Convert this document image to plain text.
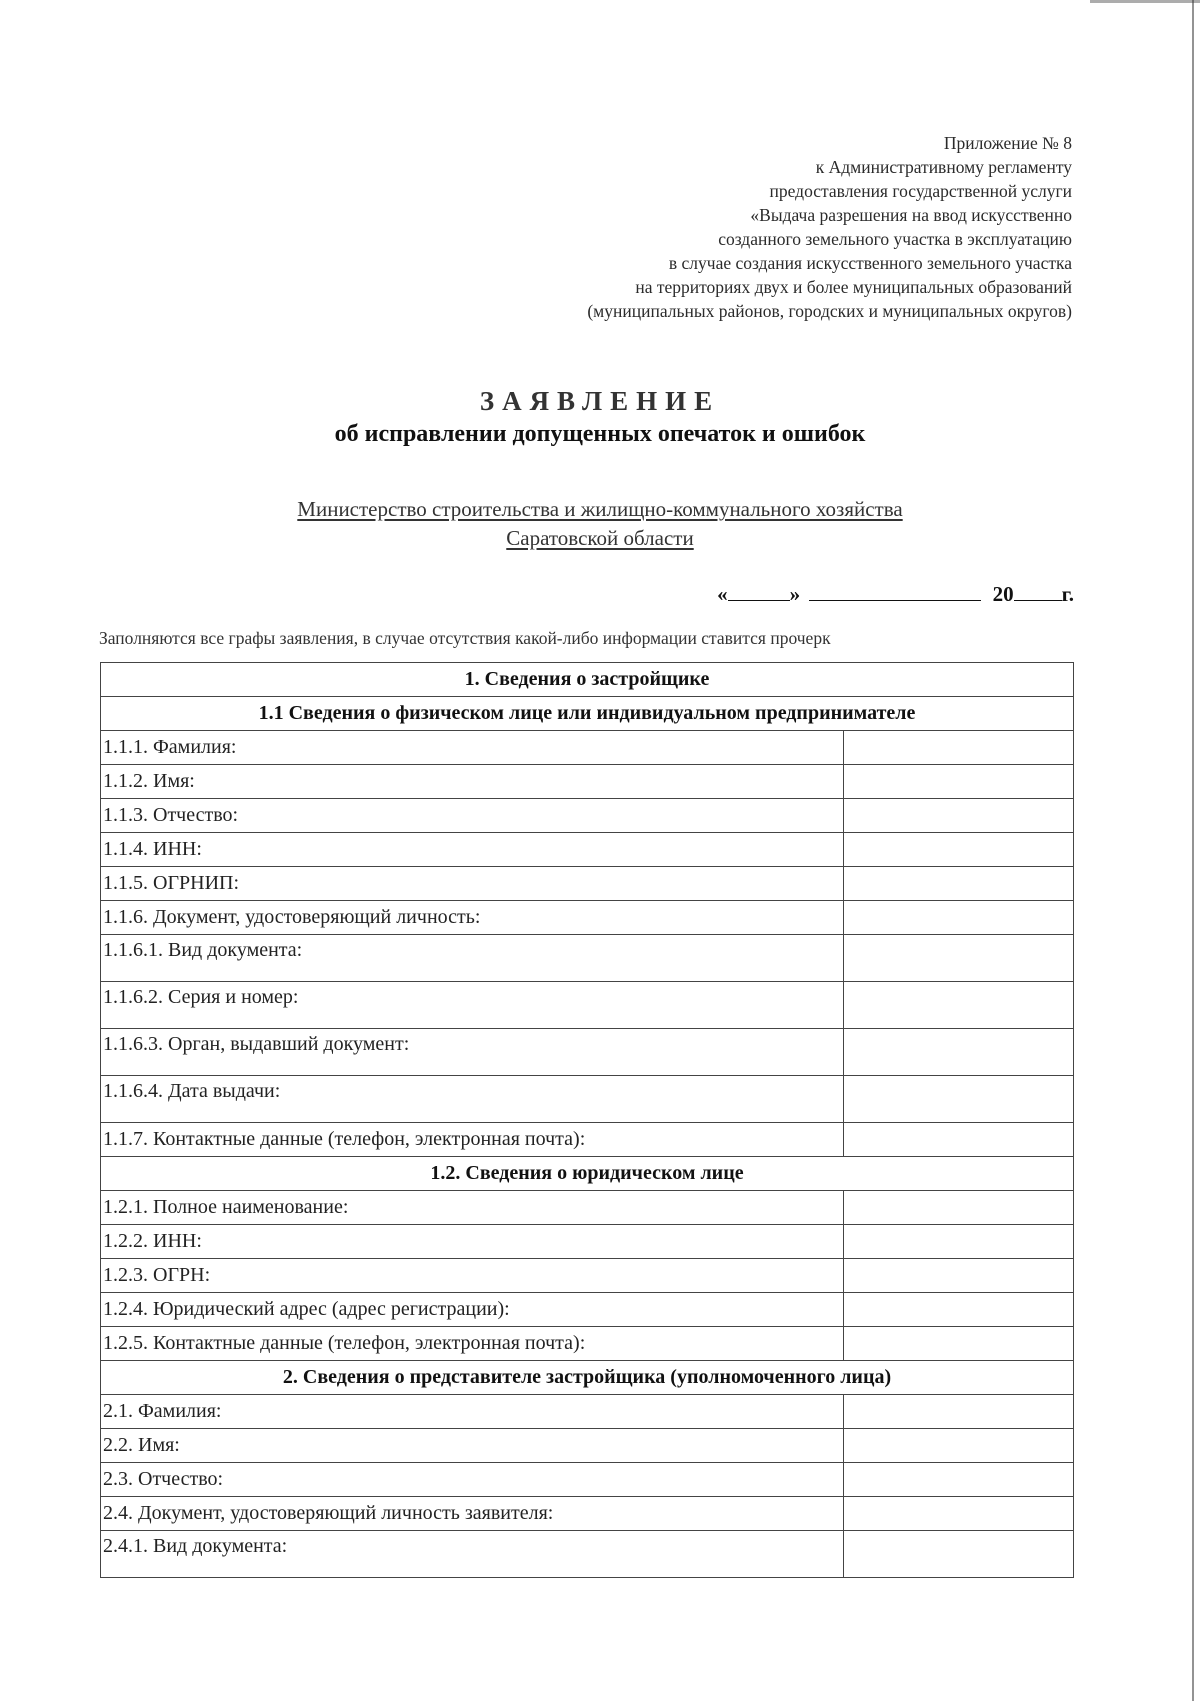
Приложение № 8
к Административному регламенту
предоставления государственной услуги
«Выдача разрешения на ввод искусственно
созданного земельного участка в эксплуатацию
в случае создания искусственного земельного участка
на территориях двух и более муниципальных образований
(муниципальных районов, городских и муниципальных округов)
ЗАЯВЛЕНИЕ
об исправлении допущенных опечаток и ошибок
Министерство строительства и жилищно-коммунального хозяйства
Саратовской области
«	»	20 г.
Заполняются все графы заявления, в случае отсутствия какой-либо информации ставится прочерк
1. Сведения о застройщике	
1.1 Сведения о физическом лице или индивидуальном предпринимателе	
1.1.1. Фамилия:	
1.1.2. Имя:	
1.1.3. Отчество:	
1.1.4. ИНН:	
1.1.5. ОГРНИП:	
1.1.6. Документ, удостоверяющий личность:	
1.1.6.1. Вид документа:	
1.1.6.2. Серия и номер:	
1.1.6.3. Орган, выдавший документ:	
1.1.6.4. Дата выдачи:	
1.1.7. Контактные данные (телефон, электронная почта):	
1.2. Сведения о юридическом лице	
1.2.1. Полное наименование:	
1.2.2. ИНН:	
1.2.3. ОГРН:	
1.2.4. Юридический адрес (адрес регистрации):	
1.2.5. Контактные данные (телефон, электронная почта):	
2. Сведения о представителе застройщика (уполномоченного лица)	
2.1. Фамилия:	
2.2. Имя:	
2.3. Отчество:	
2.4. Документ, удостоверяющий личность заявителя:	
2.4.1. Вид документа:	
